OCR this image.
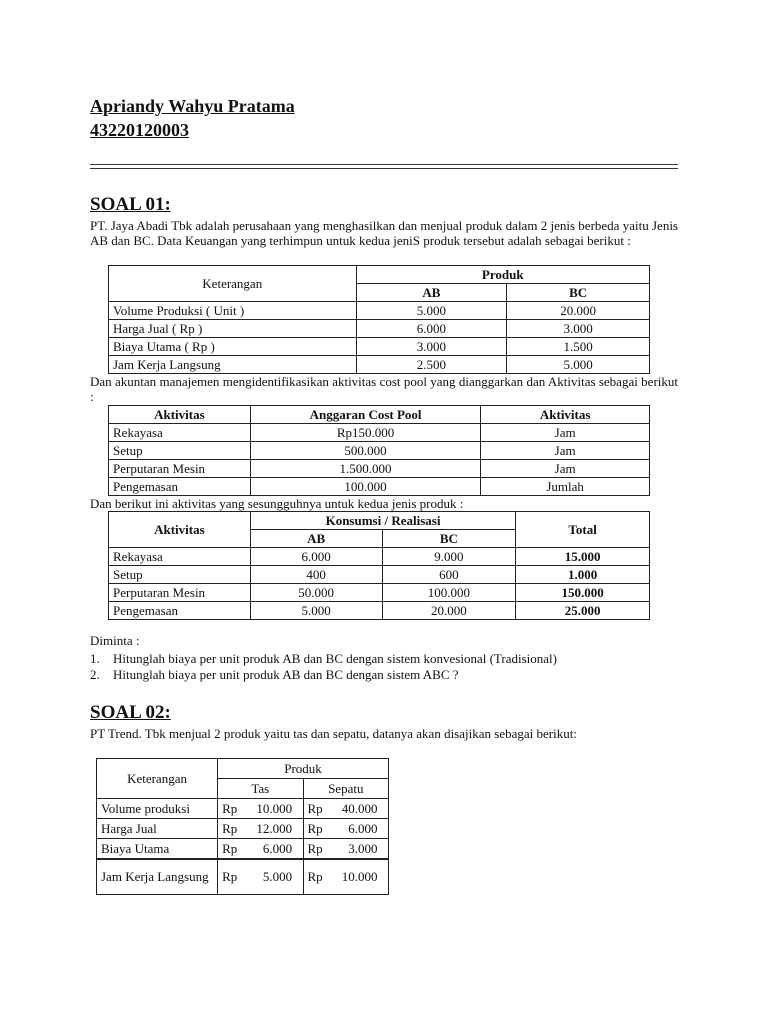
Apriandy Wahyu Pratama
43220120003
SOAL 01:
PT. Jaya Abadi Tbk adalah perusahaan yang menghasilkan dan menjual produk dalam 2 jenis berbeda yaitu Jenis AB dan BC. Data Keuangan yang terhimpun untuk kedua jeniS produk tersebut adalah sebagai berikut :
Keterangan	Produk	
	AB	BC
Volume Produksi ( Unit )	5.000	20.000
Harga Jual ( Rp )	6.000	3.000
Biaya Utama ( Rp )	3.000	1.500
Jam Kerja Langsung	2.500	5.000
Dan akuntan manajemen mengidentifikasikan aktivitas cost pool yang dianggarkan dan Aktivitas sebagai berikut :
Aktivitas	Anggaran Cost Pool	Aktivitas
Rekayasa	Rp150.000	Jam
Setup	500.000	Jam
Perputaran Mesin	1.500.000	Jam
Pengemasan	100.000	Jumlah
Dan berikut ini aktivitas yang sesungguhnya untuk kedua jenis produk :
Aktivitas	Konsumsi / Realisasi		Total
	AB	BC	
Rekayasa	6.000	9.000	15.000
Setup	400	600	1.000
Perputaran Mesin	50.000	100.000	150.000
Pengemasan	5.000	20.000	25.000
Diminta :
1. Hitunglah biaya per unit produk AB dan BC dengan sistem konvesional (Tradisional)
2. Hitunglah biaya per unit produk AB dan BC dengan sistem ABC ?
SOAL 02:
PT Trend. Tbk menjual 2 produk yaitu tas dan sepatu, datanya akan disajikan sebagai berikut:
Keterangan	Produk	
	Tas	Sepatu
Volume produksi	Rp 10.000	Rp 40.000
Harga Jual	Rp 12.000	Rp 6.000
Biaya Utama	Rp 6.000	Rp 3.000
Jam Kerja Langsung	Rp 5.000	Rp 10.000
